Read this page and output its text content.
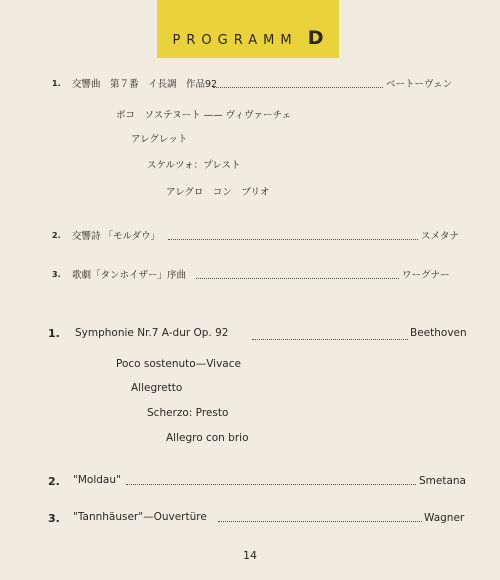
PROGRAMM D
1. 交響曲　第７番　イ長調　作品92	ベートーヴェン
ポコ　ソステヌート —— ヴィヴァーチェ
アレグレット
スケルツォ：プレスト
アレグロ　コン　ブリオ
2. 交響詩 「モルダウ」	スメタナ
3. 歌劇「タンホイザー」序曲	ワーグナー
1. Symphonie Nr.7 A-dur Op. 92	Beethoven
Poco sostenuto—Vivace
Allegretto
Scherzo: Presto
Allegro con brio
2. "Moldau"	Smetana
3. "Tannhäuser"—Ouvertüre	Wagner
14
